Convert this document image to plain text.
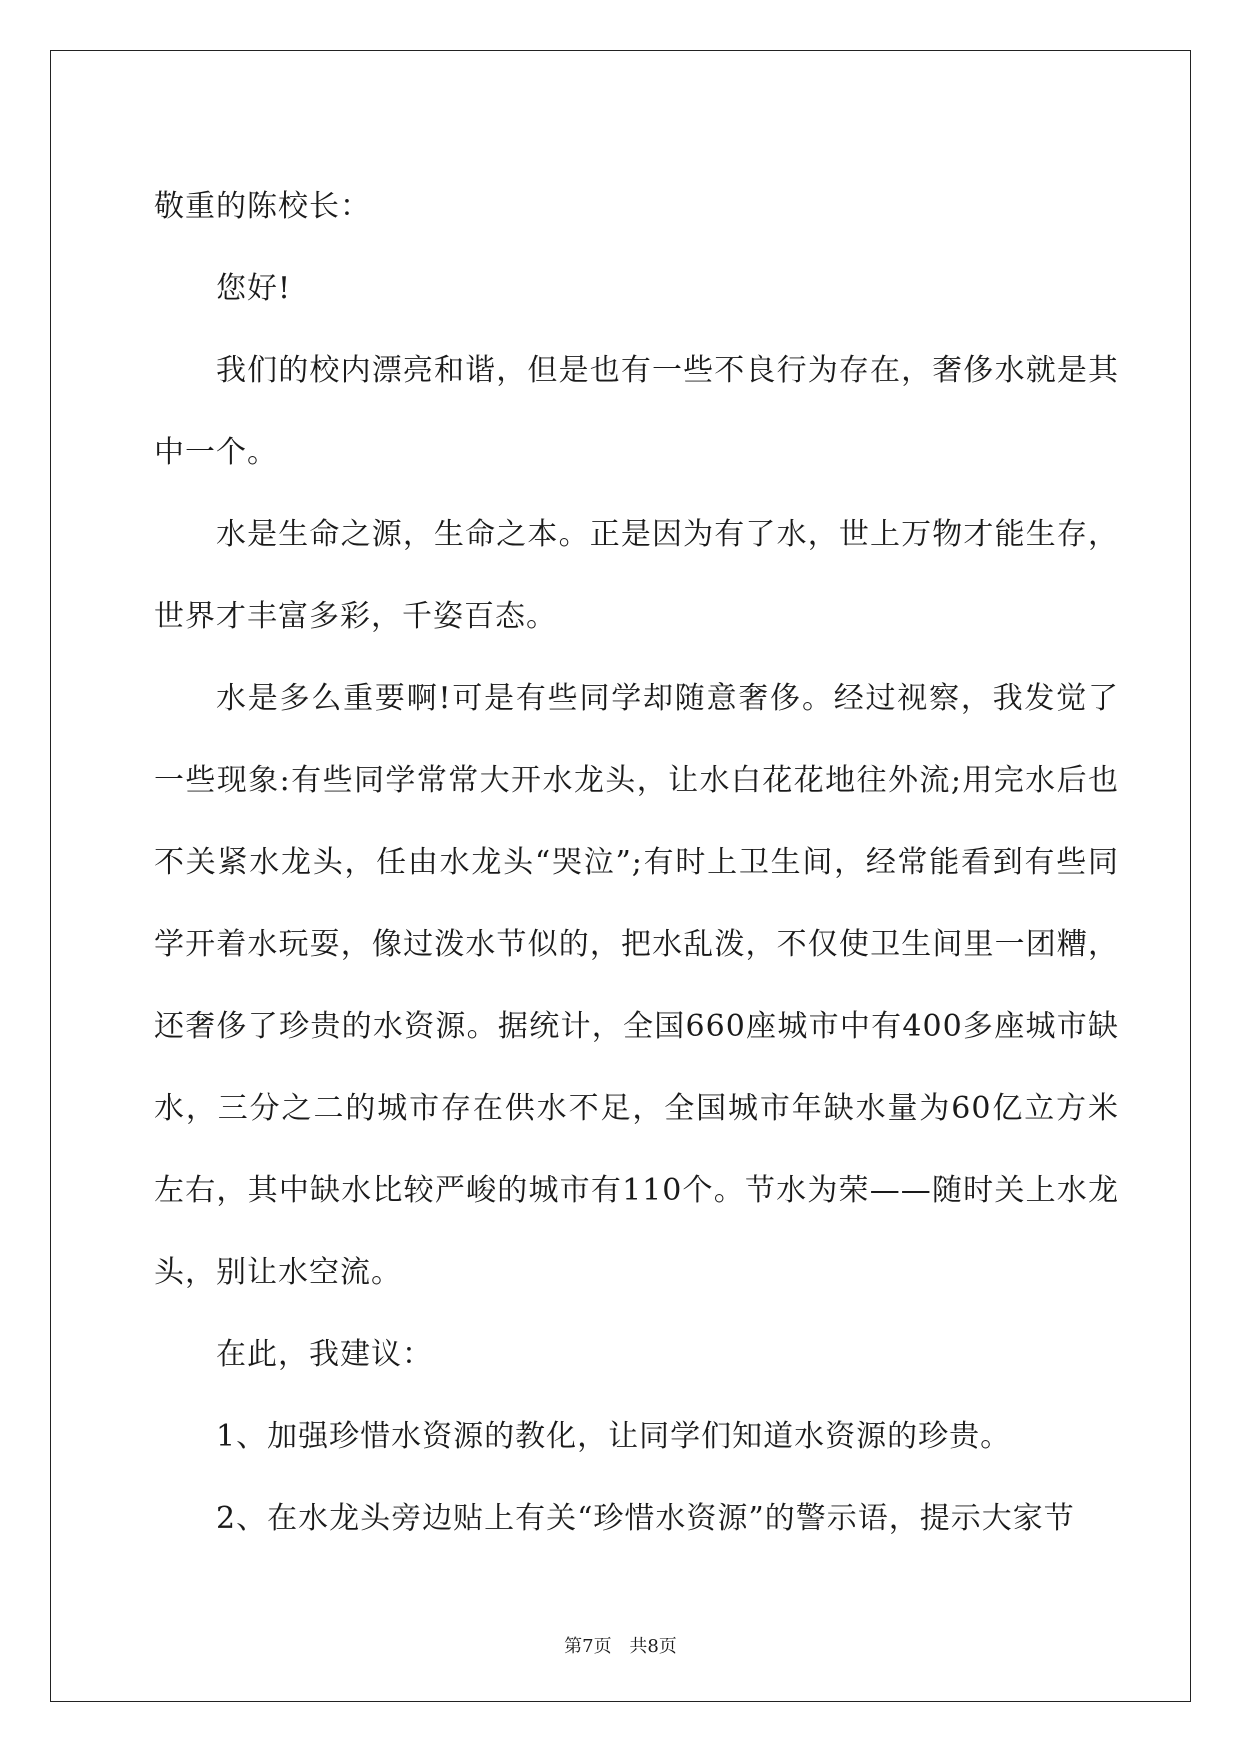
敬重的陈校长：

您好!

我们的校内漂亮和谐，但是也有一些不良行为存在，奢侈水就是其中一个。

水是生命之源，生命之本。正是因为有了水，世上万物才能生存，世界才丰富多彩，千姿百态。

水是多么重要啊!可是有些同学却随意奢侈。经过视察，我发觉了一些现象:有些同学常常大开水龙头，让水白花花地往外流;用完水后也不关紧水龙头，任由水龙头“哭泣”;有时上卫生间，经常能看到有些同学开着水玩耍，像过泼水节似的，把水乱泼，不仅使卫生间里一团糟，还奢侈了珍贵的水资源。据统计，全国660座城市中有400多座城市缺水，三分之二的城市存在供水不足，全国城市年缺水量为60亿立方米左右，其中缺水比较严峻的城市有110个。节水为荣——随时关上水龙头，别让水空流。

在此，我建议：

1、加强珍惜水资源的教化，让同学们知道水资源的珍贵。

2、在水龙头旁边贴上有关“珍惜水资源”的警示语，提示大家节

第7页 共8页
